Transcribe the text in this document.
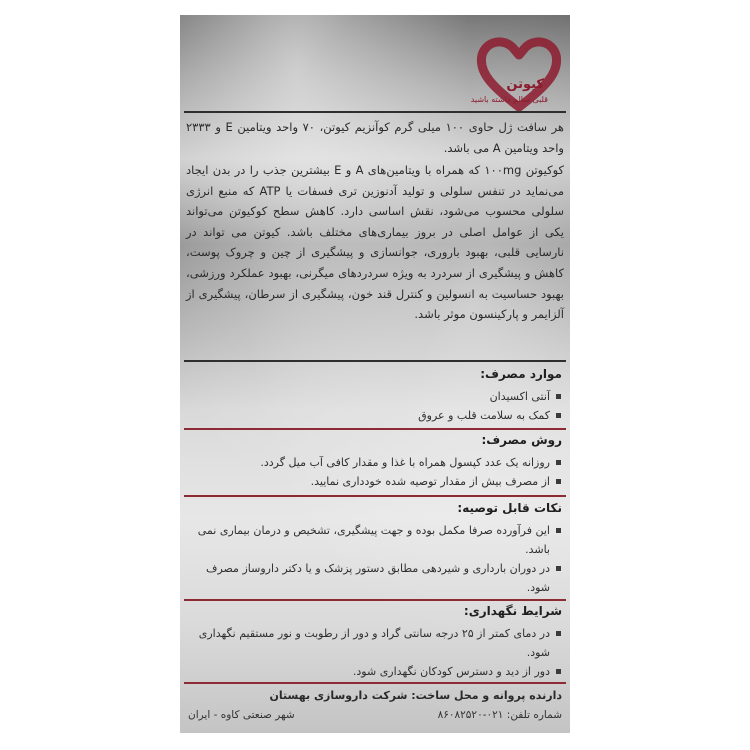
کیوتن
قلبی سالم داشته باشید
هر سافت ژل حاوی ۱۰۰ میلی گرم کوآنزیم کیوتن، ۷۰ واحد ویتامین E و ۲۳۳۳ واحد ویتامین A می باشد.
کوکیوتن ۱۰۰mg که همراه با ویتامین‌های A و E بیشترین جذب را در بدن ایجاد می‌نماید در تنفس سلولی و تولید آدنوزین تری فسفات یا ATP که منبع انرژی سلولی محسوب می‌شود، نقش اساسی دارد. کاهش سطح کوکیوتن می‌تواند یکی از عوامل اصلی در بروز بیماری‌های مختلف باشد. کیوتن می تواند در نارسایی قلبی، بهبود باروری، جوانسازی و پیشگیری از چین و چروک پوست، کاهش و پیشگیری از سردرد به ویژه سردردهای میگرنی، بهبود عملکرد ورزشی، بهبود حساسیت به انسولین و کنترل قند خون، پیشگیری از سرطان، پیشگیری از آلزایمر و پارکینسون موثر باشد.
موارد مصرف:
آنتی اکسیدان
کمک به سلامت قلب و عروق
روش مصرف:
روزانه یک عدد کپسول همراه با غذا و مقدار کافی آب میل گردد.
از مصرف بیش از مقدار توصیه شده خودداری نمایید.
نکات قابل توصیه:
این فرآورده صرفا مکمل بوده و جهت پیشگیری، تشخیص و درمان بیماری نمی باشد.
در دوران بارداری و شیردهی مطابق دستور پزشک و یا دکتر داروساز مصرف شود.
شرایط نگهداری:
در دمای کمتر از ۲۵ درجه سانتی گراد و دور از رطوبت و نور مستقیم نگهداری شود.
دور از دید و دسترس کودکان نگهداری شود.
دارنده پروانه و محل ساخت: شرکت داروسازی بهستان
شماره تلفن: ۰۲۱-۸۶۰۸۲۵۲۰
شهر صنعتی کاوه - ایران
